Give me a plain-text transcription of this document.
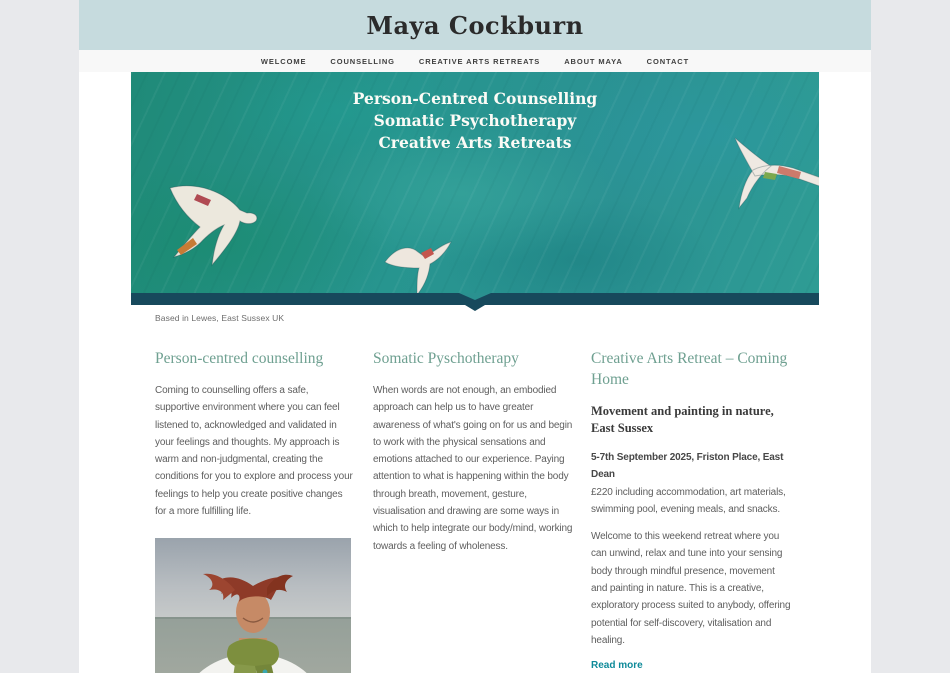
Maya Cockburn
WELCOME	COUNSELLING	CREATIVE ARTS RETREATS	ABOUT MAYA	CONTACT
Person-Centred Counselling
Somatic Psychotherapy
Creative Arts Retreats
Based in Lewes, East Sussex UK
Person-centred counselling
Coming to counselling offers a safe, supportive environment where you can feel listened to, acknowledged and validated in your feelings and thoughts. My approach is warm and non-judgmental, creating the conditions for you to explore and process your feelings to help you create positive changes for a more fulfilling life.
Somatic Pyschotherapy
When words are not enough, an embodied approach can help us to have greater awareness of what's going on for us and begin to work with the physical sensations and emotions attached to our experience. Paying attention to what is happening within the body through breath, movement, gesture, visualisation and drawing are some ways in which to help integrate our body/mind, working towards a feeling of wholeness.
Creative Arts Retreat – Coming Home
Movement and painting in nature, East Sussex
5-7th September 2025, Friston Place, East Dean
£220 including accommodation, art materials, swimming pool, evening meals, and snacks.
Welcome to this weekend retreat where you can unwind, relax and tune into your sensing body through mindful presence, movement and painting in nature. This is a creative, exploratory process suited to anybody, offering potential for self-discovery, vitalisation and healing.
Read more
